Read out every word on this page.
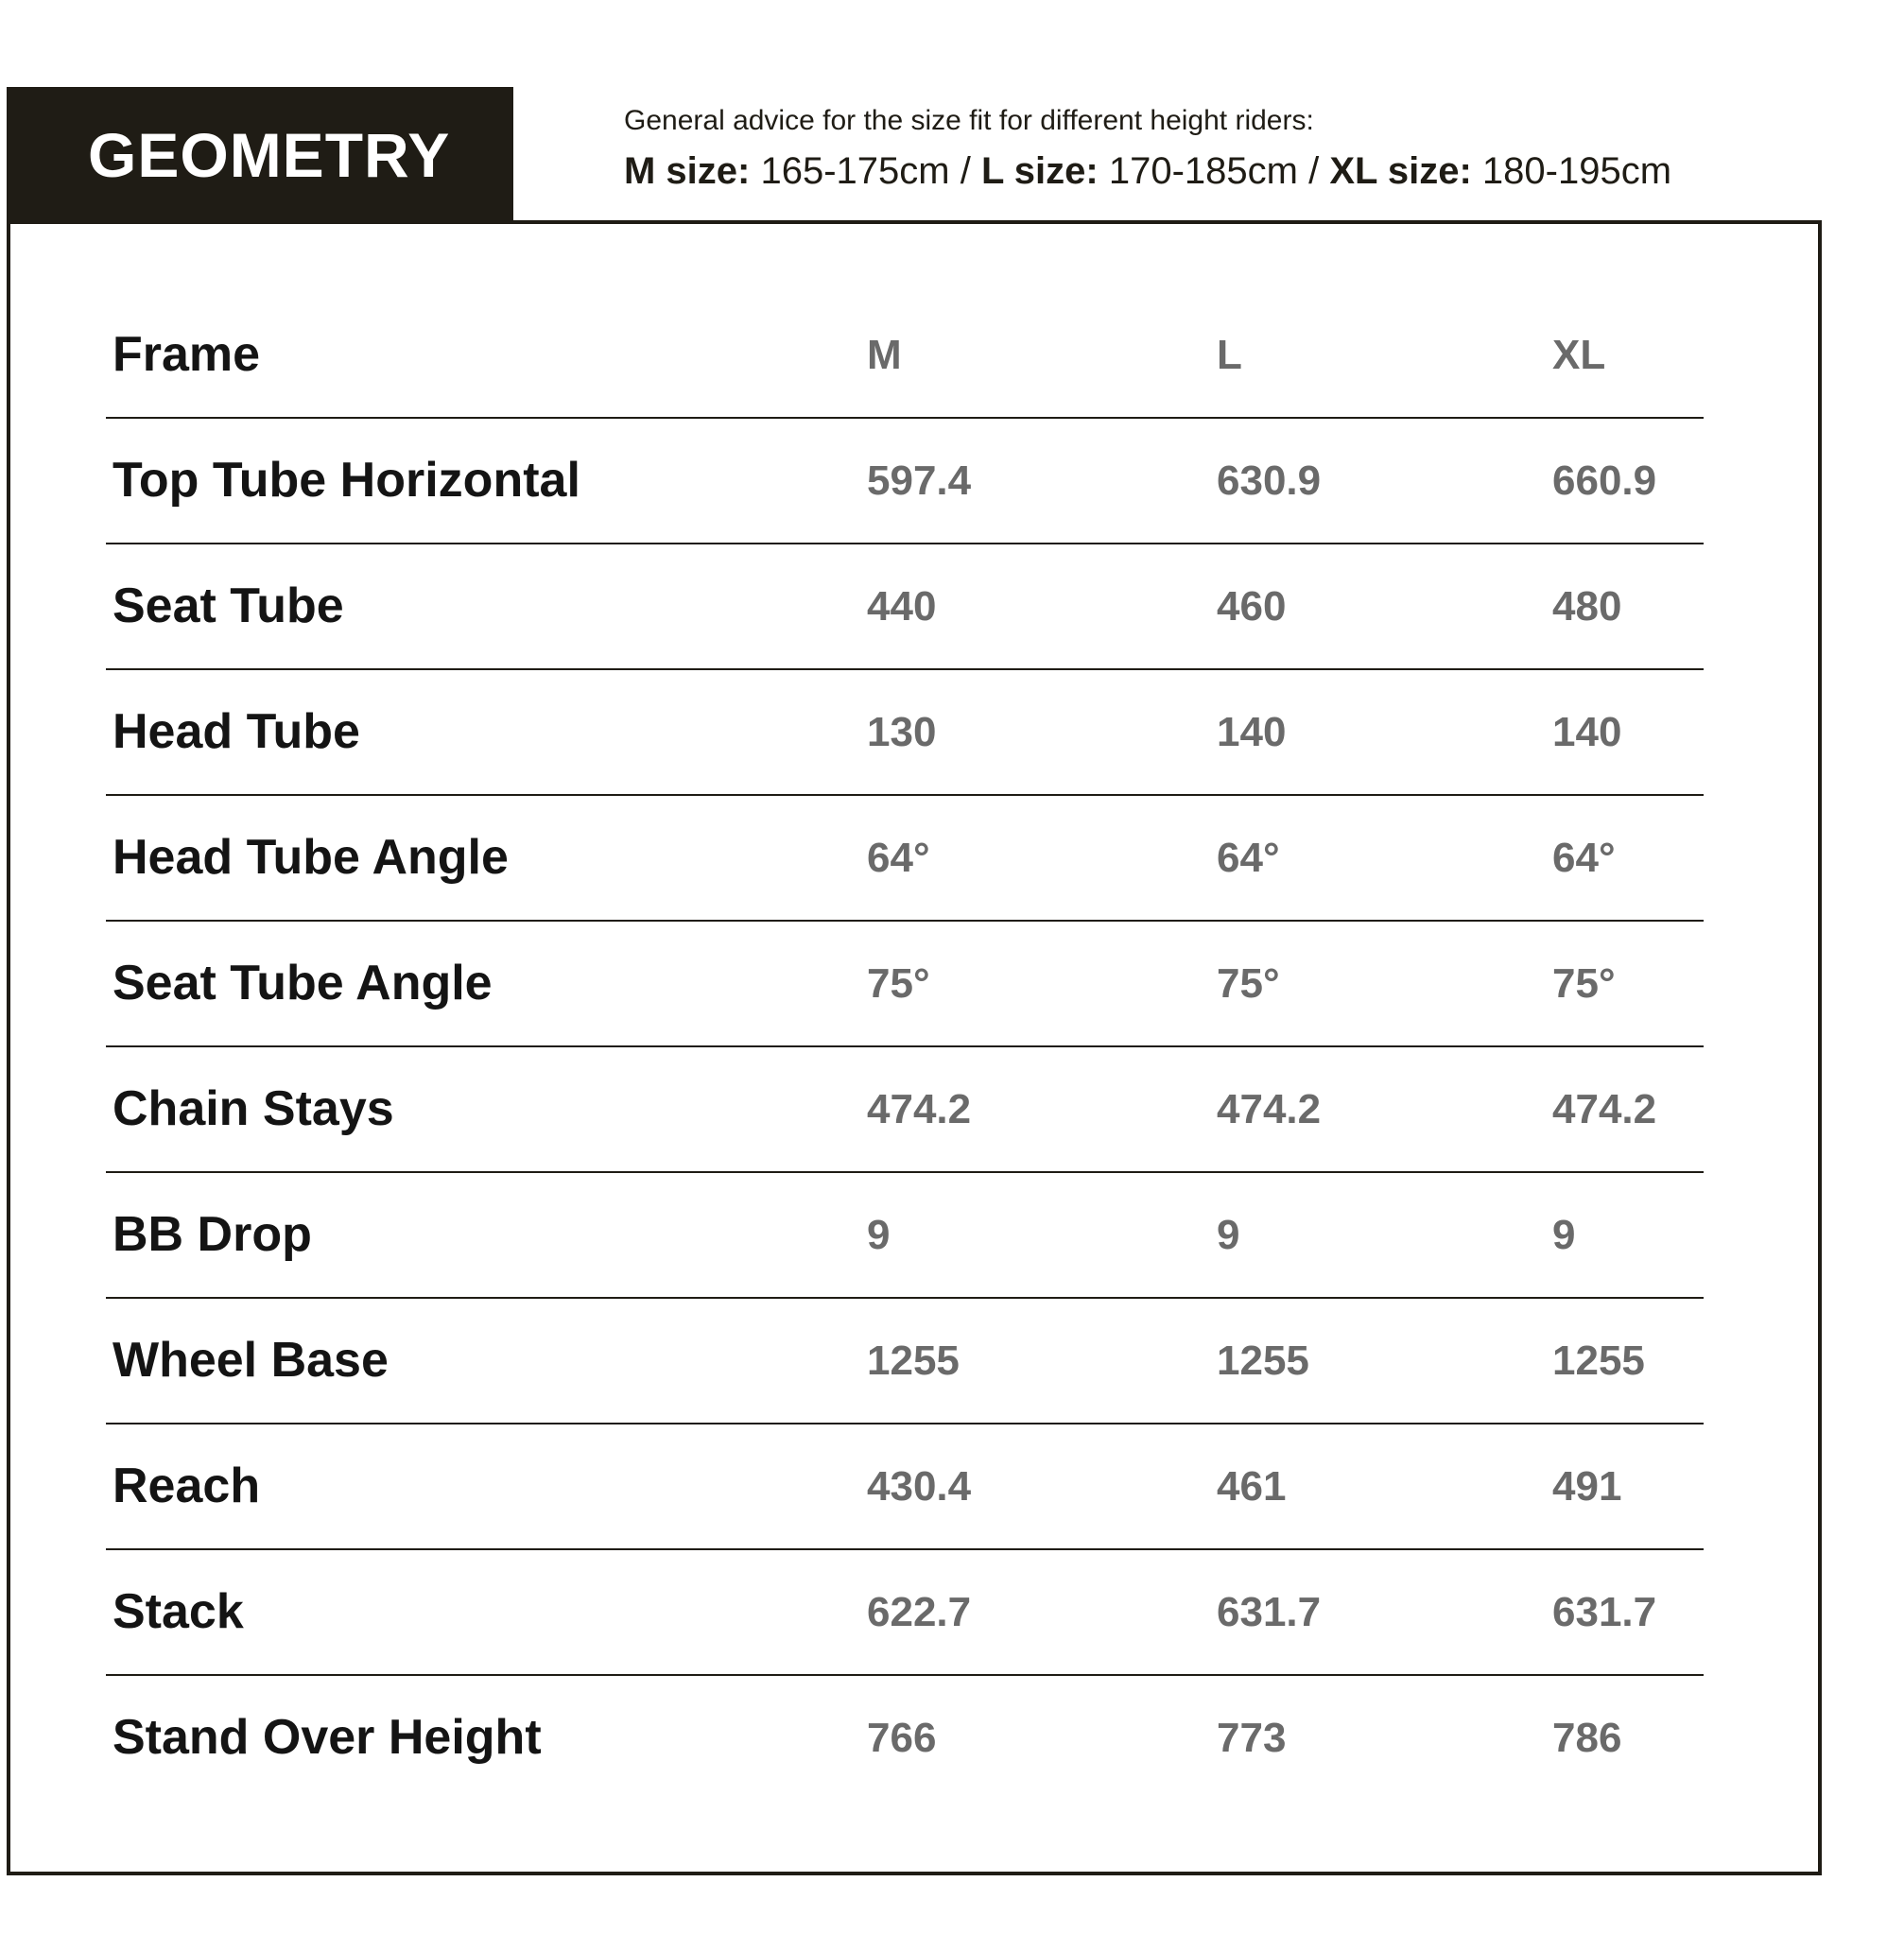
GEOMETRY	General advice for the size fit for different height riders:
M size: 165-175cm / L size: 170-185cm / XL size: 180-195cm
Frame	M	L	XL
Top Tube Horizontal	597.4	630.9	660.9
Seat Tube	440	460	480
Head Tube	130	140	140
Head Tube Angle	64°	64°	64°
Seat Tube Angle	75°	75°	75°
Chain Stays	474.2	474.2	474.2
BB Drop	9	9	9
Wheel Base	1255	1255	1255
Reach	430.4	461	491
Stack	622.7	631.7	631.7
Stand Over Height	766	773	786
